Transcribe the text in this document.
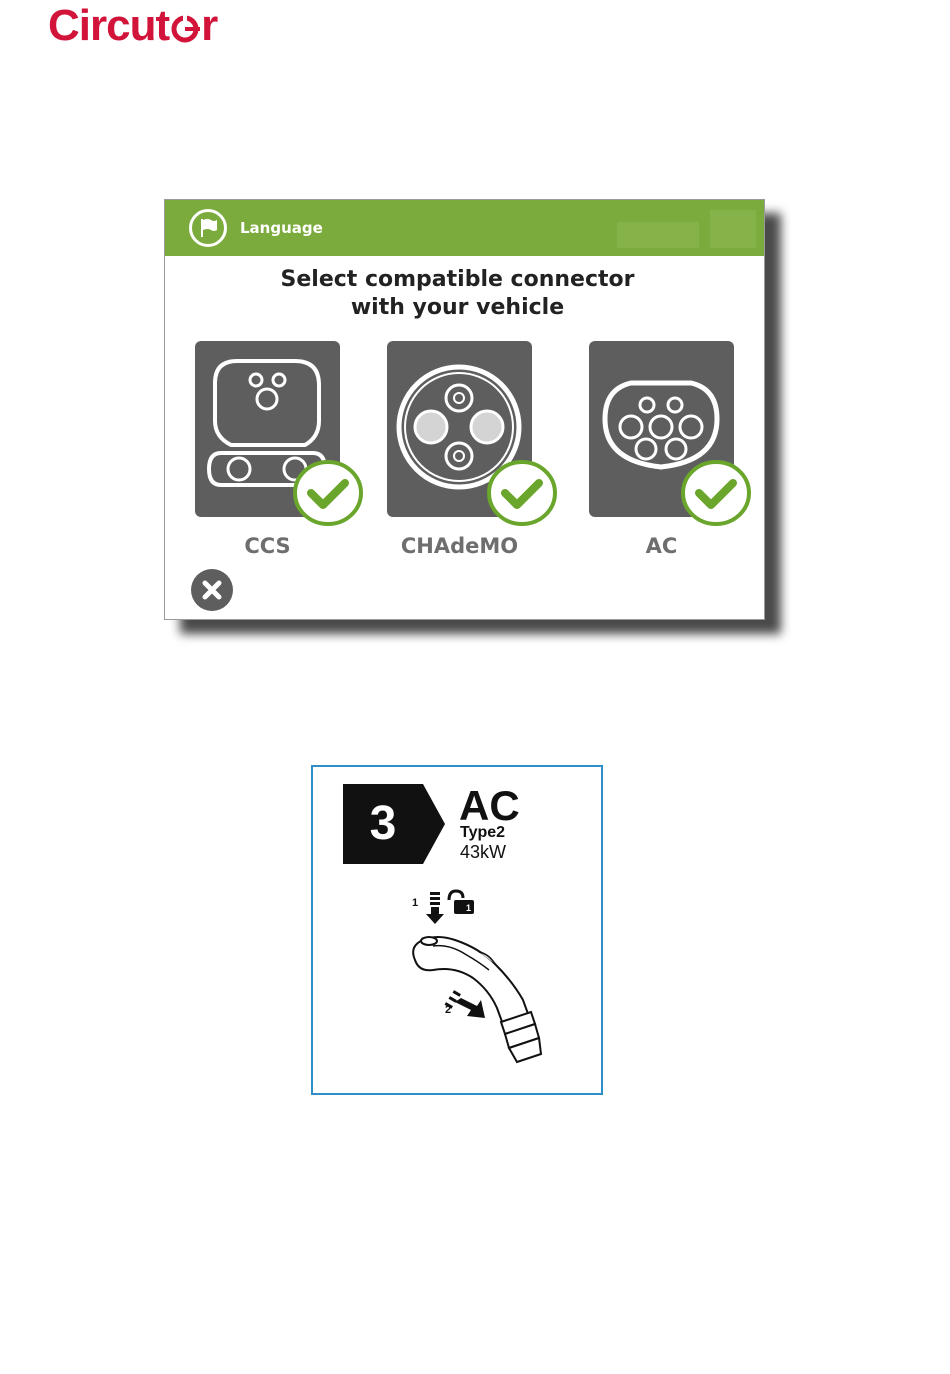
Circut r
Language
Select compatible connector
with your vehicle
CCS	CHAdeMO	AC
3	AC
Type2
43kW
1
2
1
